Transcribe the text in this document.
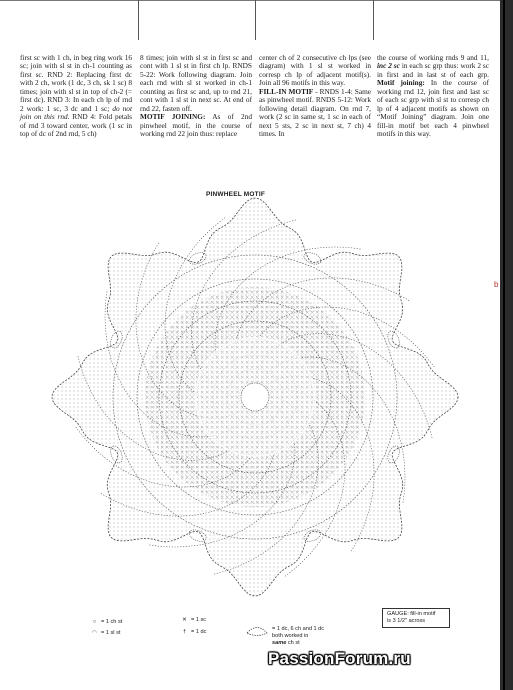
first sc with 1 ch, in beg ring work 16 sc; join with sl st in ch-1 counting as first sc. RND 2: Replacing first dc with 2 ch, work (1 dc, 3 ch, sk 1 sc) 8 times; join with sl st in top of ch-2 (= first dc). RND 3: In each ch lp of rnd 2 work: 1 sc, 3 dc and 1 sc; do not join on this rnd. RND 4: Fold petals of rnd 3 toward center, work (1 sc in top of dc of 2nd rnd, 5 ch)

8 times; join with sl st in first sc and cont with 1 sl st in first ch lp. RNDS 5-22: Work following diagram. Join each rnd with sl st worked in ch-1 counting as first sc and, up to rnd 21, cont with 1 sl st in next sc. At end of rnd 22, fasten off.
MOTIF JOINING: As of 2nd pinwheel motif, in the course of working rnd 22 join thus: replace

center ch of 2 consecutive ch lps (see diagram) with 1 sl st worked in corresp ch lp of adjacent motif(s). Join all 96 motifs in this way.
FILL-IN MOTIF - RNDS 1-4: Same as pinwheel motif. RNDS 5-12: Work following detail diagram. On rnd 7, work (2 sc in same st, 1 sc in each of next 5 sts, 2 sc in next st, 7 ch) 4 times. In

the course of working rnds 9 and 11, inc 2 sc in each sc grp thus: work 2 sc in first and in last st of each grp. Motif joining: In the course of working rnd 12, join first and last sc of each sc grp with sl st to corresp ch lp of 4 adjacent motifs as shown on “Motif Joining” diagram. Join one fill-in motif bet each 4 pinwheel motifs in this way.

PINWHEEL MOTIF
○ = 1 ch st
◠ = 1 sl st
✕ = 1 sc
† = 1 dc	= 1 dc, 6 ch and 1 dc
both worked in
same ch st
GAUGE: fill-in motif
is 3 1/2" across
b
PassionForum.ru
